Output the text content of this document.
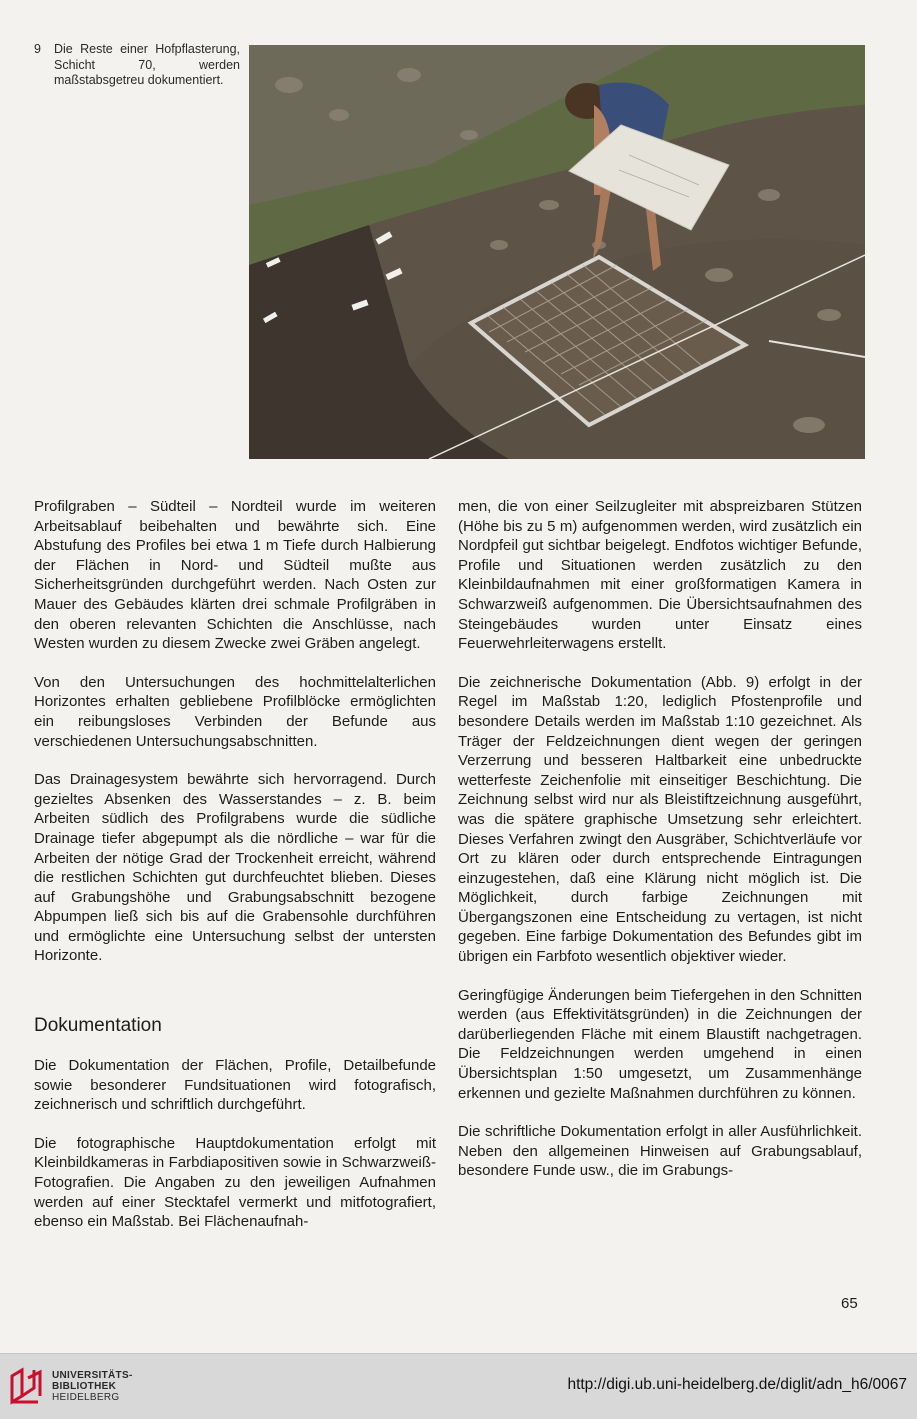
9 Die Reste einer Hofpflasterung, Schicht 70, werden maßstabsgetreu dokumentiert.

Profilgraben – Südteil – Nordteil wurde im weiteren Arbeitsablauf beibehalten und bewährte sich. Eine Abstufung des Profiles bei etwa 1 m Tiefe durch Halbierung der Flächen in Nord- und Südteil mußte aus Sicherheitsgründen durchgeführt werden. Nach Osten zur Mauer des Gebäudes klärten drei schmale Profilgräben in den oberen relevanten Schichten die Anschlüsse, nach Westen wurden zu diesem Zwecke zwei Gräben angelegt.

Von den Untersuchungen des hochmittelalterlichen Horizontes erhalten gebliebene Profilblöcke ermöglichten ein reibungsloses Verbinden der Befunde aus verschiedenen Untersuchungsabschnitten.

Das Drainagesystem bewährte sich hervorragend. Durch gezieltes Absenken des Wasserstandes – z. B. beim Arbeiten südlich des Profilgrabens wurde die südliche Drainage tiefer abgepumpt als die nördliche – war für die Arbeiten der nötige Grad der Trockenheit erreicht, während die restlichen Schichten gut durchfeuchtet blieben. Dieses auf Grabungshöhe und Grabungsabschnitt bezogene Abpumpen ließ sich bis auf die Grabensohle durchführen und ermöglichte eine Untersuchung selbst der untersten Horizonte.

Dokumentation

Die Dokumentation der Flächen, Profile, Detailbefunde sowie besonderer Fundsituationen wird fotografisch, zeichnerisch und schriftlich durchgeführt.

Die fotographische Hauptdokumentation erfolgt mit Kleinbildkameras in Farbdiapositiven sowie in Schwarzweiß-Fotografien. Die Angaben zu den jeweiligen Aufnahmen werden auf einer Stecktafel vermerkt und mitfotografiert, ebenso ein Maßstab. Bei Flächenaufnah-

men, die von einer Seilzugleiter mit abspreizbaren Stützen (Höhe bis zu 5 m) aufgenommen werden, wird zusätzlich ein Nordpfeil gut sichtbar beigelegt. Endfotos wichtiger Befunde, Profile und Situationen werden zusätzlich zu den Kleinbildaufnahmen mit einer großformatigen Kamera in Schwarzweiß aufgenommen. Die Übersichtsaufnahmen des Steingebäudes wurden unter Einsatz eines Feuerwehrleiterwagens erstellt.

Die zeichnerische Dokumentation (Abb. 9) erfolgt in der Regel im Maßstab 1:20, lediglich Pfostenprofile und besondere Details werden im Maßstab 1:10 gezeichnet. Als Träger der Feldzeichnungen dient wegen der geringen Verzerrung und besseren Haltbarkeit eine unbedruckte wetterfeste Zeichenfolie mit einseitiger Beschichtung. Die Zeichnung selbst wird nur als Bleistiftzeichnung ausgeführt, was die spätere graphische Umsetzung sehr erleichtert. Dieses Verfahren zwingt den Ausgräber, Schichtverläufe vor Ort zu klären oder durch entsprechende Eintragungen einzugestehen, daß eine Klärung nicht möglich ist. Die Möglichkeit, durch farbige Zeichnungen mit Übergangszonen eine Entscheidung zu vertagen, ist nicht gegeben. Eine farbige Dokumentation des Befundes gibt im übrigen ein Farbfoto wesentlich objektiver wieder.

Geringfügige Änderungen beim Tiefergehen in den Schnitten werden (aus Effektivitätsgründen) in die Zeichnungen der darüberliegenden Fläche mit einem Blaustift nachgetragen. Die Feldzeichnungen werden umgehend in einen Übersichtsplan 1:50 umgesetzt, um Zusammenhänge erkennen und gezielte Maßnahmen durchführen zu können.

Die schriftliche Dokumentation erfolgt in aller Ausführlichkeit. Neben den allgemeinen Hinweisen auf Grabungsablauf, besondere Funde usw., die im Grabungs-

65
UNIVERSITÄTS-
BIBLIOTHEK
HEIDELBERG
http://digi.ub.uni-heidelberg.de/diglit/adn_h6/0067
